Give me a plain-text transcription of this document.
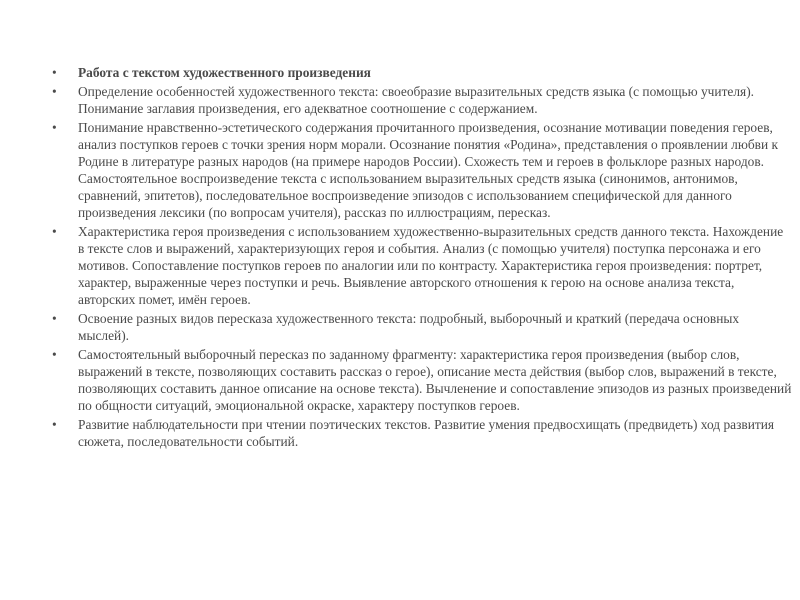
•	Работа с текстом художественного произведения
•	Определение особенностей художественного текста: своеобразие выразительных средств языка (с помощью учителя). Понимание заглавия произведения, его адекватное соотношение с содержанием.
•	Понимание нравственно-эстетического содержания прочитанного произведения, осознание мотивации поведения героев, анализ поступков героев с точки зрения норм морали. Осознание понятия «Родина», представления о проявлении любви к Родине в литературе разных народов (на примере народов России). Схожесть тем и героев в фольклоре разных народов. Самостоятельное воспроизведение текста с использованием выразительных средств языка (синонимов, антонимов, сравнений, эпитетов), последовательное воспроизведение эпизодов с использованием специфической для данного произведения лексики (по вопросам учителя), рассказ по иллюстрациям, пересказ.
•	Характеристика героя произведения с использованием художественно-выразительных средств данного текста. Нахождение в тексте слов и выражений, характеризующих героя и события. Анализ (с помощью учителя) поступка персонажа и его мотивов. Сопоставление поступков героев по аналогии или по контрасту. Характеристика героя произведения: портрет, характер, выраженные через поступки и речь. Выявление авторского отношения к герою на основе анализа текста, авторских помет, имён героев.
•	Освоение разных видов пересказа художественного текста: подробный, выборочный и краткий (передача основных мыслей).
•	Самостоятельный выборочный пересказ по заданному фрагменту: характеристика героя произведения (выбор слов, выражений в тексте, позволяющих составить рассказ о герое), описание места действия (выбор слов, выражений в тексте, позволяющих составить данное описание на основе текста). Вычленение и сопоставление эпизодов из разных произведений по общности ситуаций, эмоциональной окраске, характеру поступков героев.
•	Развитие наблюдательности при чтении поэтических текстов. Развитие умения предвосхищать (предвидеть) ход развития сюжета, последовательности событий.
